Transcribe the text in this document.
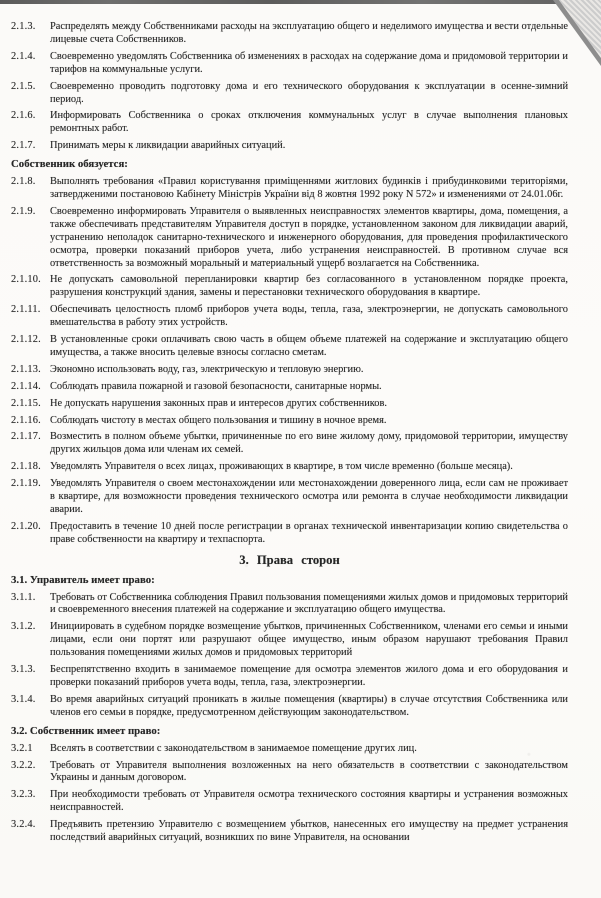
2.1.3.	Распределять между Собственниками расходы на эксплуатацию общего и неделимого имущества и вести отдельные лицевые счета Собственников.
2.1.4.	Своевременно уведомлять Собственника об изменениях в расходах на содержание дома и придомовой территории и тарифов на коммунальные услуги.
2.1.5.	Своевременно проводить подготовку дома и его технического оборудования к эксплуатации в осенне-зимний период.
2.1.6.	Информировать Собственника о сроках отключения коммунальных услуг в случае выполнения плановых ремонтных работ.
2.1.7.	Принимать меры к ликвидации аварийных ситуаций.
Собственник обязуется:
2.1.8.	Выполнять требования «Правил користування приміщеннями житлових будинків і прибудинковими територіями, затвердженими постановою Кабінету Міністрів України від 8 жовтня 1992 року N 572» и изменениями от 24.01.06г.
2.1.9.	Своевременно информировать Управителя о выявленных неисправностях элементов квартиры, дома, помещения, а также обеспечивать представителям Управителя доступ в порядке, установленном законом для ликвидации аварий, устранению неполадок санитарно-технического и инженерного оборудования, для проведения профилактического осмотра, проверки показаний приборов учета, либо устранения неисправностей. В противном случае вся ответственность за возможный моральный и материальный ущерб возлагается на Собственника.
2.1.10. Не допускать самовольной перепланировки квартир без согласованного в установленном порядке проекта, разрушения конструкций здания, замены и перестановки технического оборудования в квартире.
2.1.11. Обеспечивать целостность пломб приборов учета воды, тепла, газа, электроэнергии, не допускать самовольного вмешательства в работу этих устройств.
2.1.12. В установленные сроки оплачивать свою часть в общем объеме платежей на содержание и эксплуатацию общего имущества, а также вносить целевые взносы согласно сметам.
2.1.13. Экономно использовать воду, газ, электрическую и тепловую энергию.
2.1.14. Соблюдать правила пожарной и газовой безопасности, санитарные нормы.
2.1.15. Не допускать нарушения законных прав и интересов других собственников.
2.1.16. Соблюдать чистоту в местах общего пользования и тишину в ночное время.
2.1.17. Возместить в полном объеме убытки, причиненные по его вине жилому дому, придомовой территории, имуществу других жильцов дома или членам их семей.
2.1.18. Уведомлять Управителя о всех лицах, проживающих в квартире, в том числе временно (больше месяца).
2.1.19. Уведомлять Управителя о своем местонахождении или местонахождении доверенного лица, если сам не проживает в квартире, для возможности проведения технического осмотра или ремонта в случае необходимости ликвидации аварии.
2.1.20. Предоставить в течение 10 дней после регистрации в органах технической инвентаризации копию свидетельства о праве собственности на квартиру и техпаспорта.
3. Права сторон
3.1. Управитель имеет право:
3.1.1.	Требовать от Собственника соблюдения Правил пользования помещениями жилых домов и придомовых территорий и своевременного внесения платежей на содержание и эксплуатацию общего имущества.
3.1.2.	Инициировать в судебном порядке возмещение убытков, причиненных Собственником, членами его семьи и иными лицами, если они портят или разрушают общее имущество, иным образом нарушают требования Правил пользования помещениями жилых домов и придомовых территорий
3.1.3.	Беспрепятственно входить в занимаемое помещение для осмотра элементов жилого дома и его оборудования и проверки показаний приборов учета воды, тепла, газа, электроэнергии.
3.1.4.	Во время аварийных ситуаций проникать в жилые помещения (квартиры) в случае отсутствия Собственника или членов его семьи в порядке, предусмотренном действующим законодательством.
3.2. Собственник имеет право:
3.2.1	Вселять в соответствии с законодательством в занимаемое помещение других лиц.
3.2.2.	Требовать от Управителя выполнения возложенных на него обязательств в соответствии с законодательством Украины и данным договором.
3.2.3.	При необходимости требовать от Управителя осмотра технического состояния квартиры и устранения возможных неисправностей.
3.2.4.	Предъявить претензию Управителю с возмещением убытков, нанесенных его имуществу на предмет устранения последствий аварийных ситуаций, возникших по вине Управителя, на основании
